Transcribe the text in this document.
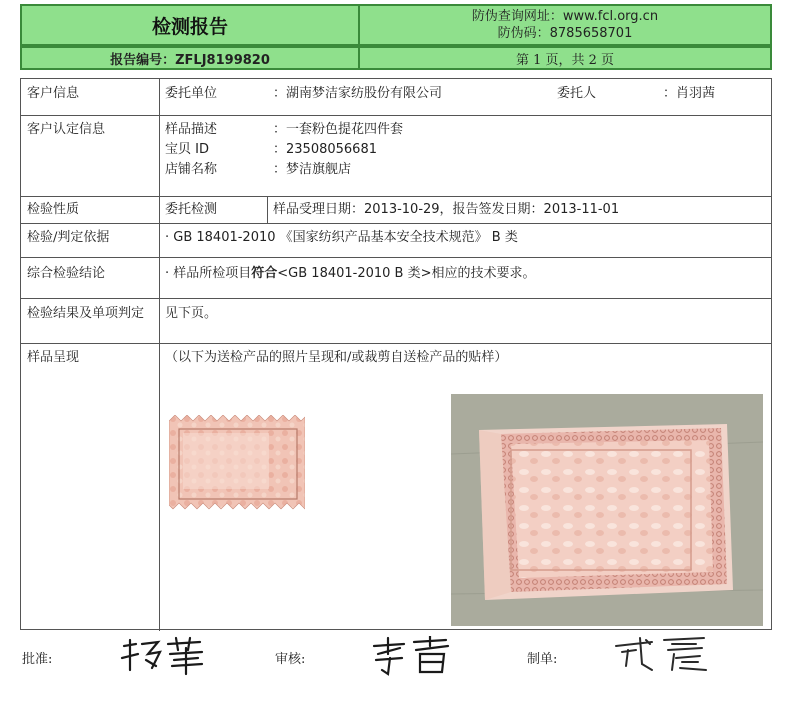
检测报告	防伪查询网址：www.fcl.org.cn
防伪码：8785658701
报告编号：ZFLJ8199820	第 1 页，共 2 页
客户信息	委托单位	：湖南梦洁家纺股份有限公司	委托人	：肖羽茜
客户认定信息	样品描述	：一套粉色提花四件套
宝贝 ID	：23508056681
店铺名称	：梦洁旗舰店
检验性质	委托检测	样品受理日期：2013-10-29，报告签发日期：2013-11-01
检验/判定依据	· GB 18401-2010 《国家纺织产品基本安全技术规范》 B 类
综合检验结论	· 样品所检项目符合<GB 18401-2010 B 类>相应的技术要求。
检验结果及单项判定 见下页。
样品呈现	（以下为送检产品的照片呈现和/或裁剪自送检产品的贴样）
批准:	审核:	制单:
